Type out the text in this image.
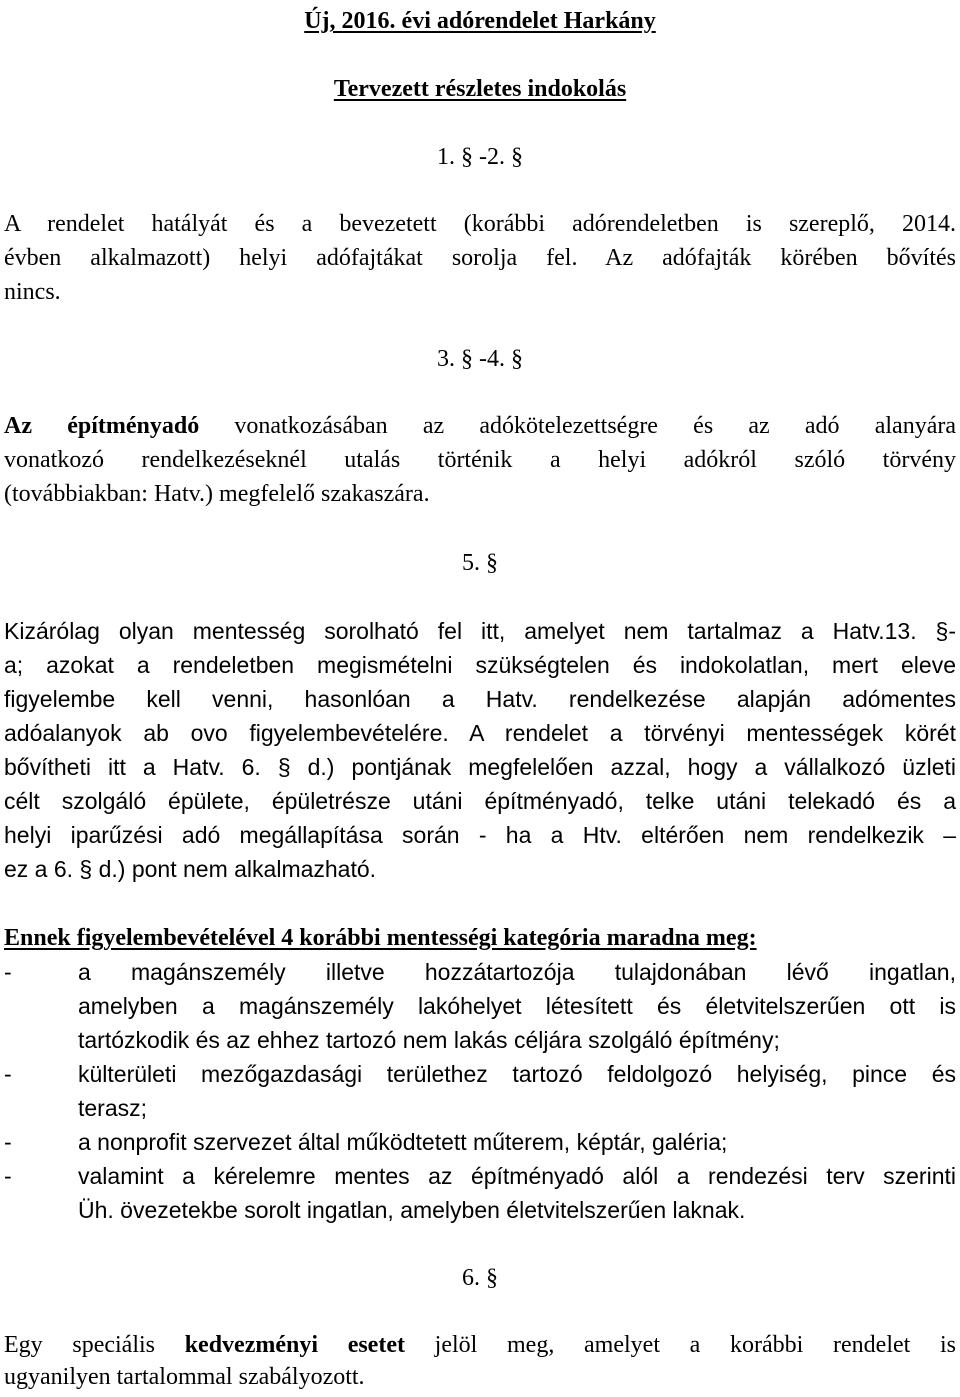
Új, 2016. évi adórendelet Harkány
Tervezett részletes indokolás
1. § -2. §
A rendelet hatályát és a bevezetett (korábbi adórendeletben is szereplő, 2014.
évben alkalmazott) helyi adófajtákat sorolja fel. Az adófajták körében bővítés
nincs.
3. § -4. §
Az építményadó vonatkozásában az adókötelezettségre és az adó alanyára
vonatkozó rendelkezéseknél utalás történik a helyi adókról szóló törvény
(továbbiakban: Hatv.) megfelelő szakaszára.
5. §
Kizárólag olyan mentesség sorolható fel itt, amelyet nem tartalmaz a Hatv.13. §-
a; azokat a rendeletben megismételni szükségtelen és indokolatlan, mert eleve
figyelembe kell venni, hasonlóan a Hatv. rendelkezése alapján adómentes
adóalanyok ab ovo figyelembevételére. A rendelet a törvényi mentességek körét
bővítheti itt a Hatv. 6. § d.) pontjának megfelelően azzal, hogy a vállalkozó üzleti
célt szolgáló épülete, épületrésze utáni építményadó, telke utáni telekadó és a
helyi iparűzési adó megállapítása során - ha a Htv. eltérően nem rendelkezik –
ez a 6. § d.) pont nem alkalmazható.
Ennek figyelembevételével 4 korábbi mentességi kategória maradna meg:
-	a magánszemély illetve hozzátartozója tulajdonában lévő ingatlan,
amelyben a magánszemély lakóhelyet létesített és életvitelszerűen ott is
tartózkodik és az ehhez tartozó nem lakás céljára szolgáló építmény;
-	külterületi mezőgazdasági területhez tartozó feldolgozó helyiség, pince és
terasz;
-	a nonprofit szervezet által működtetett műterem, képtár, galéria;
-	valamint a kérelemre mentes az építményadó alól a rendezési terv szerinti
Üh. övezetekbe sorolt ingatlan, amelyben életvitelszerűen laknak.
6. §
Egy speciális kedvezményi esetet jelöl meg, amelyet a korábbi rendelet is
ugyanilyen tartalommal szabályozott.
